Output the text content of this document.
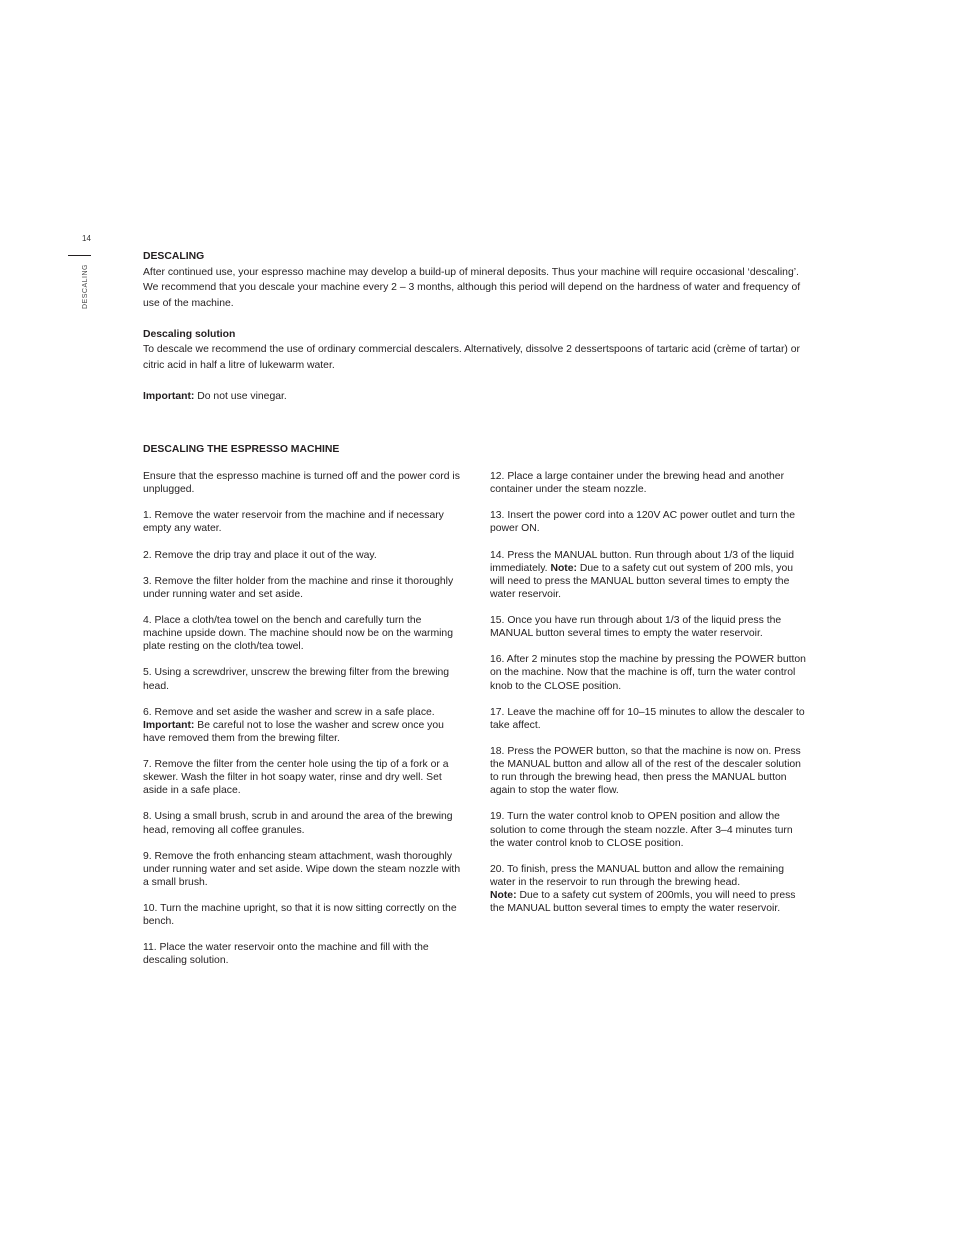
14
DESCALING
DESCALING

After continued use, your espresso machine may develop a build-up of mineral deposits. Thus your machine will require occasional ‘descaling’. We recommend that you descale your machine every 2 – 3 months, although this period will depend on the hardness of water and frequency of use of the machine.

Descaling solution

To descale we recommend the use of ordinary commercial descalers. Alternatively, dissolve 2 dessertspoons of tartaric acid (crème of tartar) or citric acid in half a litre of lukewarm water.

Important: Do not use vinegar.

DESCALING THE ESPRESSO MACHINE

Ensure that the espresso machine is turned off and the power cord is unplugged.

1. Remove the water reservoir from the machine and if necessary empty any water.

2. Remove the drip tray and place it out of the way.

3. Remove the filter holder from the machine and rinse it thoroughly under running water and set aside.

4. Place a cloth/tea towel on the bench and carefully turn the machine upside down. The machine should now be on the warming plate resting on the cloth/tea towel.

5. Using a screwdriver, unscrew the brewing filter from the brewing head.

6. Remove and set aside the washer and screw in a safe place.
Important: Be careful not to lose the washer and screw once you have removed them from the brewing filter.

7. Remove the filter from the center hole using the tip of a fork or a skewer. Wash the filter in hot soapy water, rinse and dry well. Set aside in a safe place.

8. Using a small brush, scrub in and around the area of the brewing head, removing all coffee granules.

9. Remove the froth enhancing steam attachment, wash thoroughly under running water and set aside. Wipe down the steam nozzle with a small brush.

10. Turn the machine upright, so that it is now sitting correctly on the bench.

11. Place the water reservoir onto the machine and fill with the descaling solution.

12. Place a large container under the brewing head and another container under the steam nozzle.

13. Insert the power cord into a 120V AC power outlet and turn the power ON.

14. Press the MANUAL button. Run through about 1/3 of the liquid immediately. Note: Due to a safety cut out system of 200 mls, you will need to press the MANUAL button several times to empty the water reservoir.

15. Once you have run through about 1/3 of the liquid press the MANUAL button several times to empty the water reservoir.

16. After 2 minutes stop the machine by pressing the POWER button on the machine. Now that the machine is off, turn the water control knob to the CLOSE position.

17. Leave the machine off for 10–15 minutes to allow the descaler to take affect.

18. Press the POWER button, so that the machine is now on. Press the MANUAL button and allow all of the rest of the descaler solution to run through the brewing head, then press the MANUAL button again to stop the water flow.

19. Turn the water control knob to OPEN position and allow the solution to come through the steam nozzle. After 3–4 minutes turn the water control knob to CLOSE position.

20. To finish, press the MANUAL button and allow the remaining water in the reservoir to run through the brewing head.
Note: Due to a safety cut system of 200mls, you will need to press the MANUAL button several times to empty the water reservoir.
